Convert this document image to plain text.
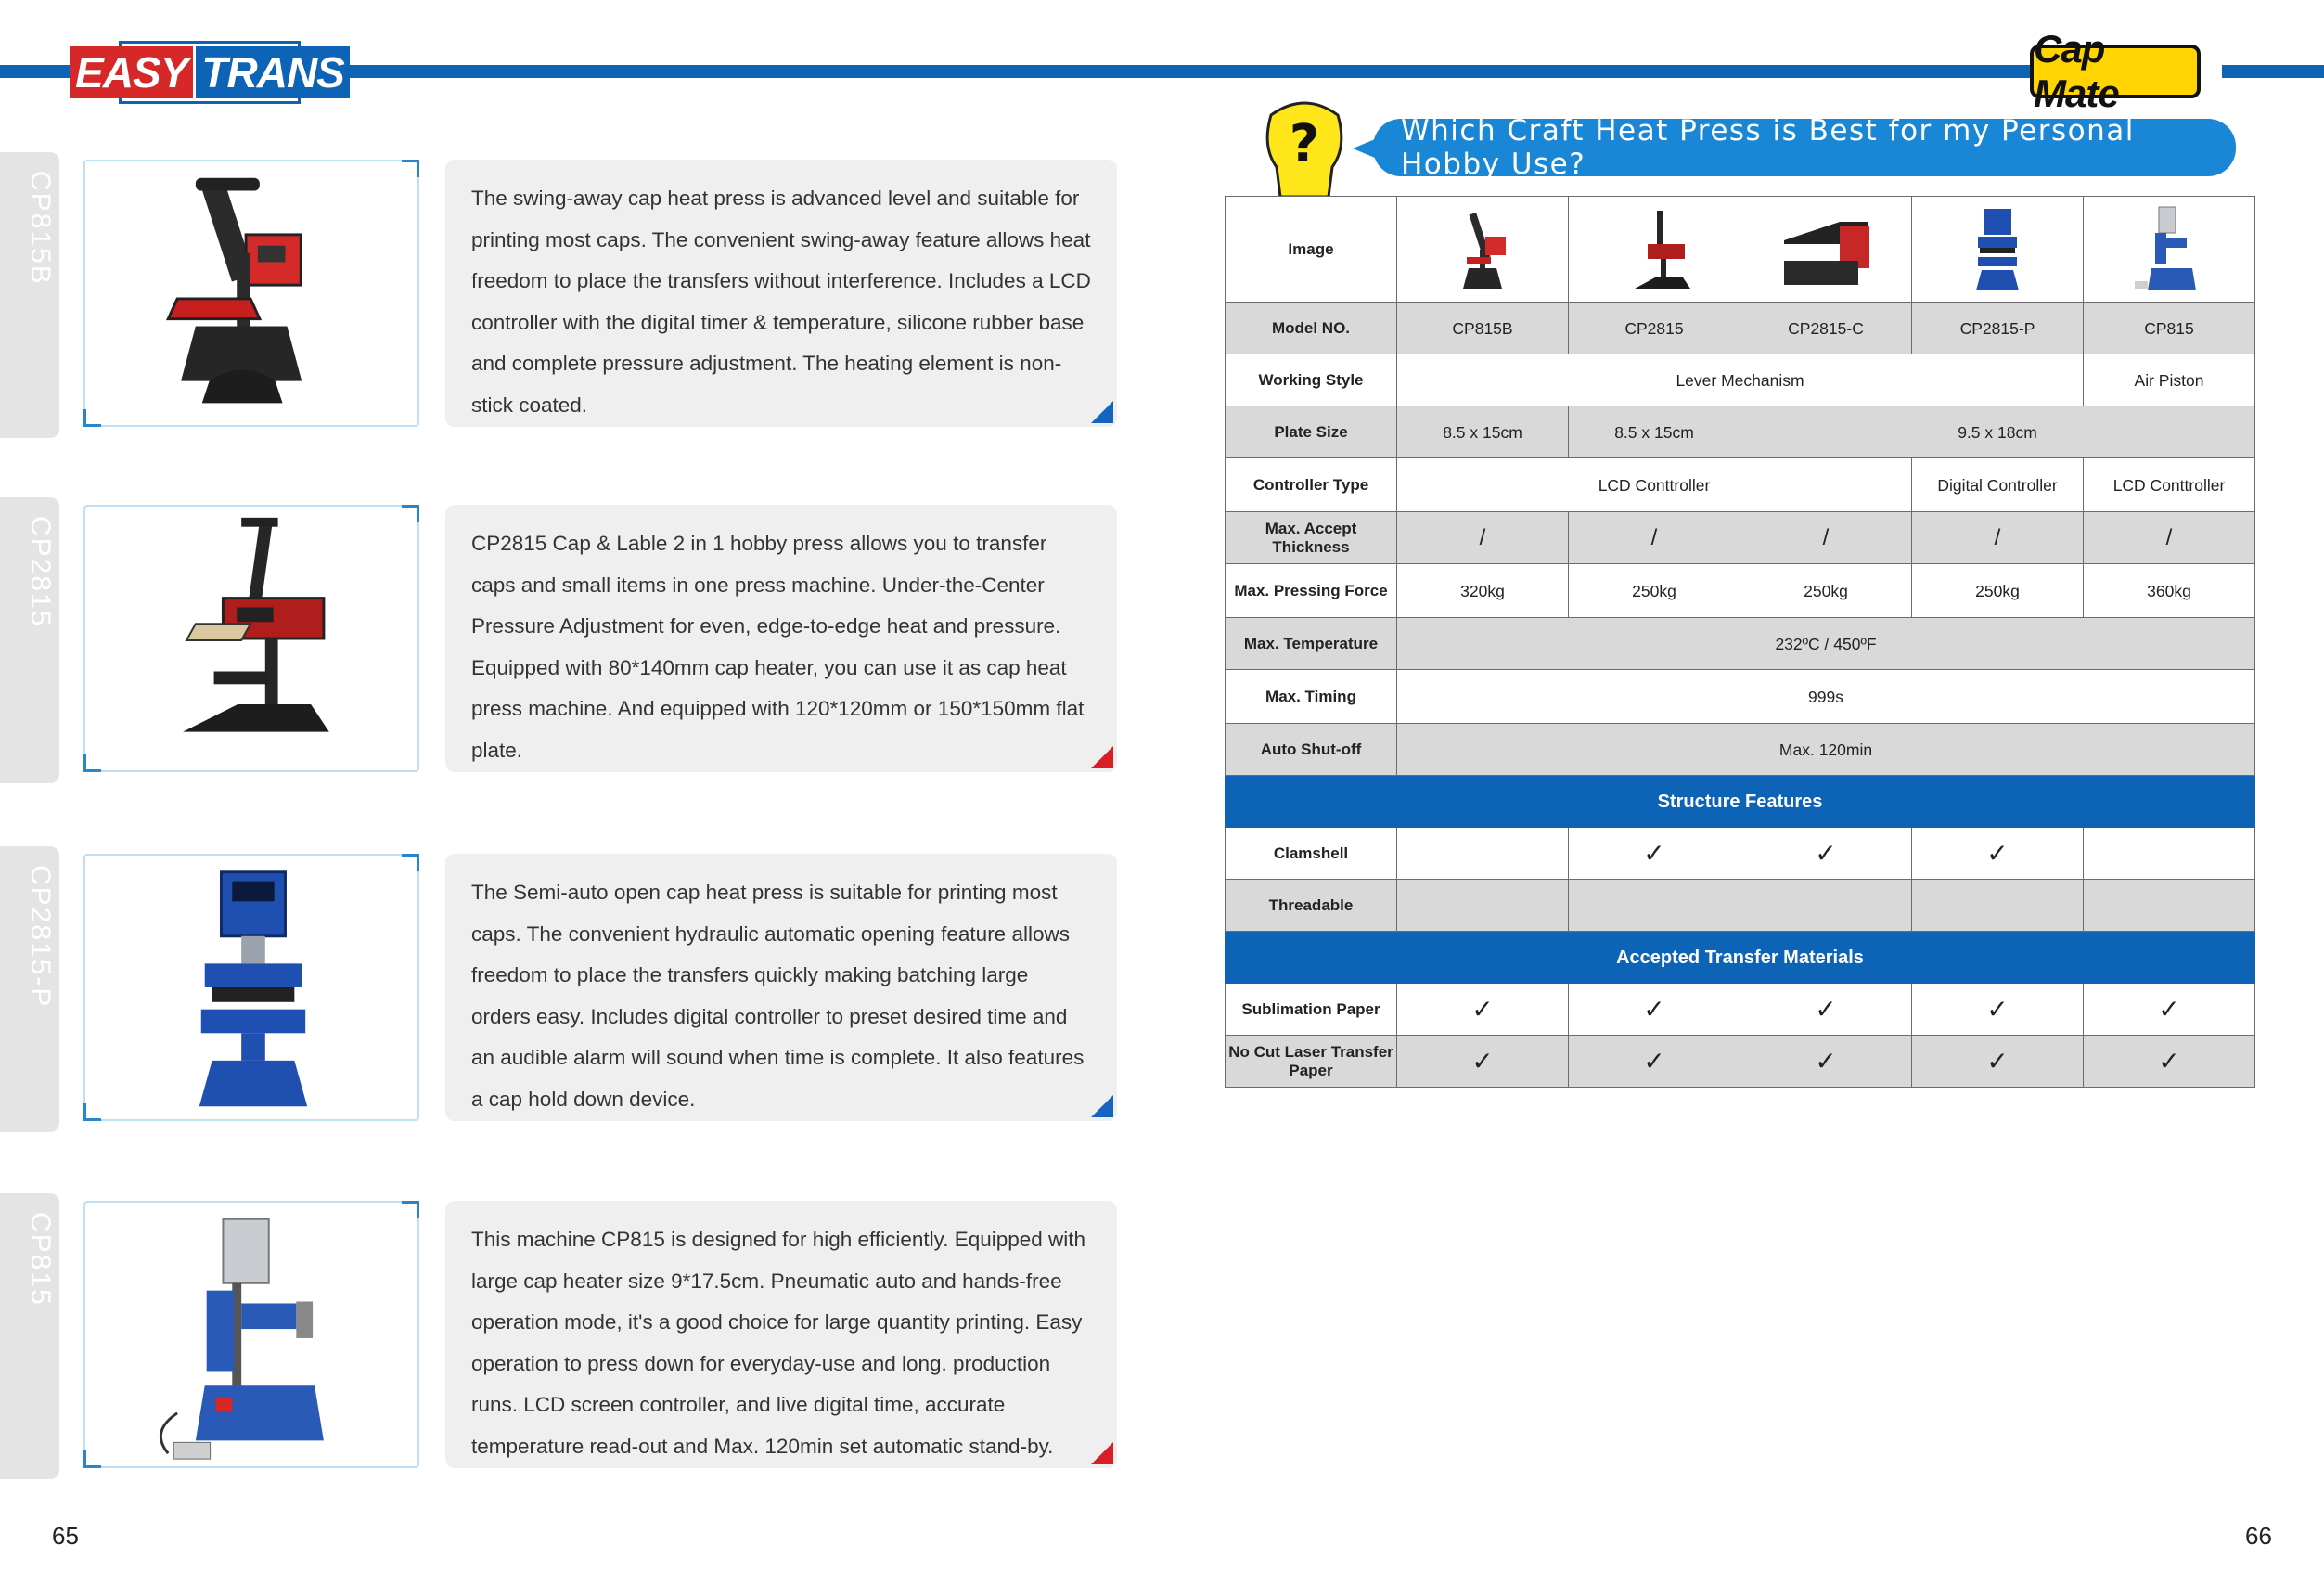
EASY TRANS	Cap Mate
CP815B	The swing-away cap heat press is advanced level and suitable for printing most caps. The convenient swing-away feature allows heat freedom to place the transfers without interference. Includes a LCD controller with the digital timer & temperature, silicone rubber base and complete pressure adjustment. The heating element is non-stick coated.
CP2815	CP2815 Cap & Lable 2 in 1 hobby press allows you to transfer caps and small items in one press machine. Under-the-Center Pressure Adjustment for even, edge-to-edge heat and pressure. Equipped with 80*140mm cap heater, you can use it as cap heat press machine. And equipped with 120*120mm or 150*150mm flat plate.
CP2815-P	The Semi-auto open cap heat press is suitable for printing most caps. The convenient hydraulic automatic opening feature allows freedom to place the transfers quickly making batching large orders easy. Includes digital controller to preset desired time and an audible alarm will sound when time is complete. It also features a cap hold down device.
CP815	This machine CP815 is designed for high efficiently. Equipped with large cap heater size 9*17.5cm. Pneumatic auto and hands-free operation mode, it's a good choice for large quantity printing. Easy operation to press down for everyday-use and long. production runs. LCD screen controller, and live digital time, accurate temperature read-out and Max. 120min set automatic stand-by.
65
?	Which Craft Heat Press is Best for my Personal Hobby Use?
Image	

Model NO.	CP815B	CP2815	CP2815-C	CP2815-P	CP815
Working Style	Lever Mechanism				Air Piston
Plate Size	8.5 x 15cm	8.5 x 15cm	9.5 x 18cm		
Controller Type	LCD Conttroller			Digital Controller	LCD Conttroller
Max. Accept Thickness	/	/	/	/	/
Max. Pressing Force	320kg	250kg	250kg	250kg	360kg
Max. Temperature	232ºC / 450ºF				
Max. Timing	999s				
Auto Shut-off	Max. 120min				
Structure Features					
Clamshell		✓	✓	✓	
Threadable					
Accepted Transfer Materials					
Sublimation Paper	✓	✓	✓	✓	✓
No Cut Laser Transfer Paper	✓	✓	✓	✓	✓
66
